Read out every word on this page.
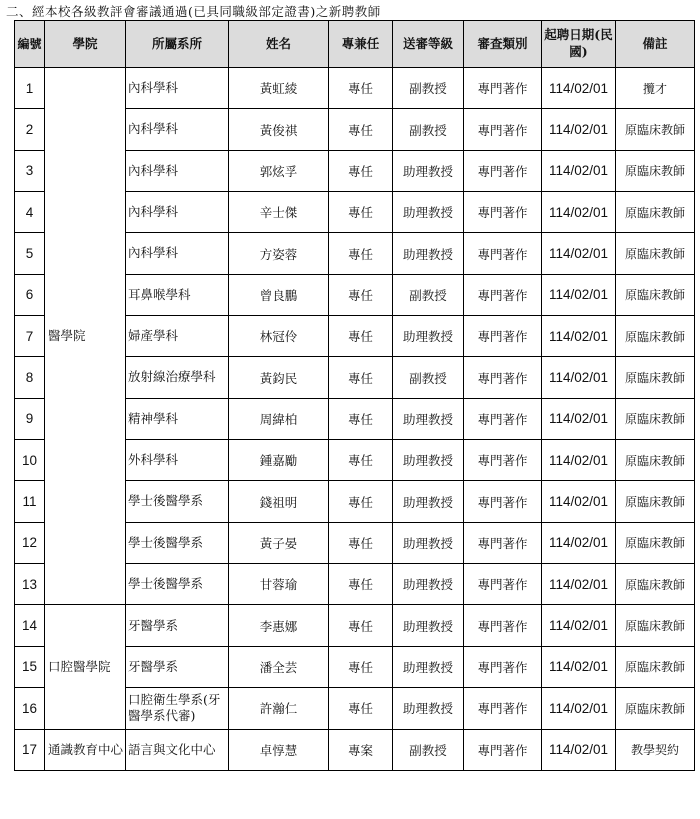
二、經本校各級教評會審議通過(已具同職級部定證書)之新聘教師
編號	學院	所屬系所	姓名	專兼任	送審等級	審查類別	起聘日期(民國)	備註
1	醫學院	內科學科	黃虹綾	專任	副教授	專門著作	114/02/01	攬才
2		內科學科	黃俊祺	專任	副教授	專門著作	114/02/01	原臨床教師
3		內科學科	郭炫孚	專任	助理教授	專門著作	114/02/01	原臨床教師
4		內科學科	辛士傑	專任	助理教授	專門著作	114/02/01	原臨床教師
5		內科學科	方姿蓉	專任	助理教授	專門著作	114/02/01	原臨床教師
6		耳鼻喉學科	曾良鵬	專任	副教授	專門著作	114/02/01	原臨床教師
7		婦產學科	林冠伶	專任	助理教授	專門著作	114/02/01	原臨床教師
8		放射線治療學科	黃鈞民	專任	副教授	專門著作	114/02/01	原臨床教師
9		精神學科	周緯柏	專任	助理教授	專門著作	114/02/01	原臨床教師
10		外科學科	鍾嘉勵	專任	助理教授	專門著作	114/02/01	原臨床教師
11		學士後醫學系	錢祖明	專任	助理教授	專門著作	114/02/01	原臨床教師
12		學士後醫學系	黃子晏	專任	助理教授	專門著作	114/02/01	原臨床教師
13		學士後醫學系	甘蓉瑜	專任	助理教授	專門著作	114/02/01	原臨床教師
14	口腔醫學院	牙醫學系	李惠娜	專任	助理教授	專門著作	114/02/01	原臨床教師
15		牙醫學系	潘全芸	專任	助理教授	專門著作	114/02/01	原臨床教師
16		口腔衛生學系(牙醫學系代審)	許瀚仁	專任	助理教授	專門著作	114/02/01	原臨床教師
17	通識教育中心	語言與文化中心	卓惇慧	專案	副教授	專門著作	114/02/01	教學契約
